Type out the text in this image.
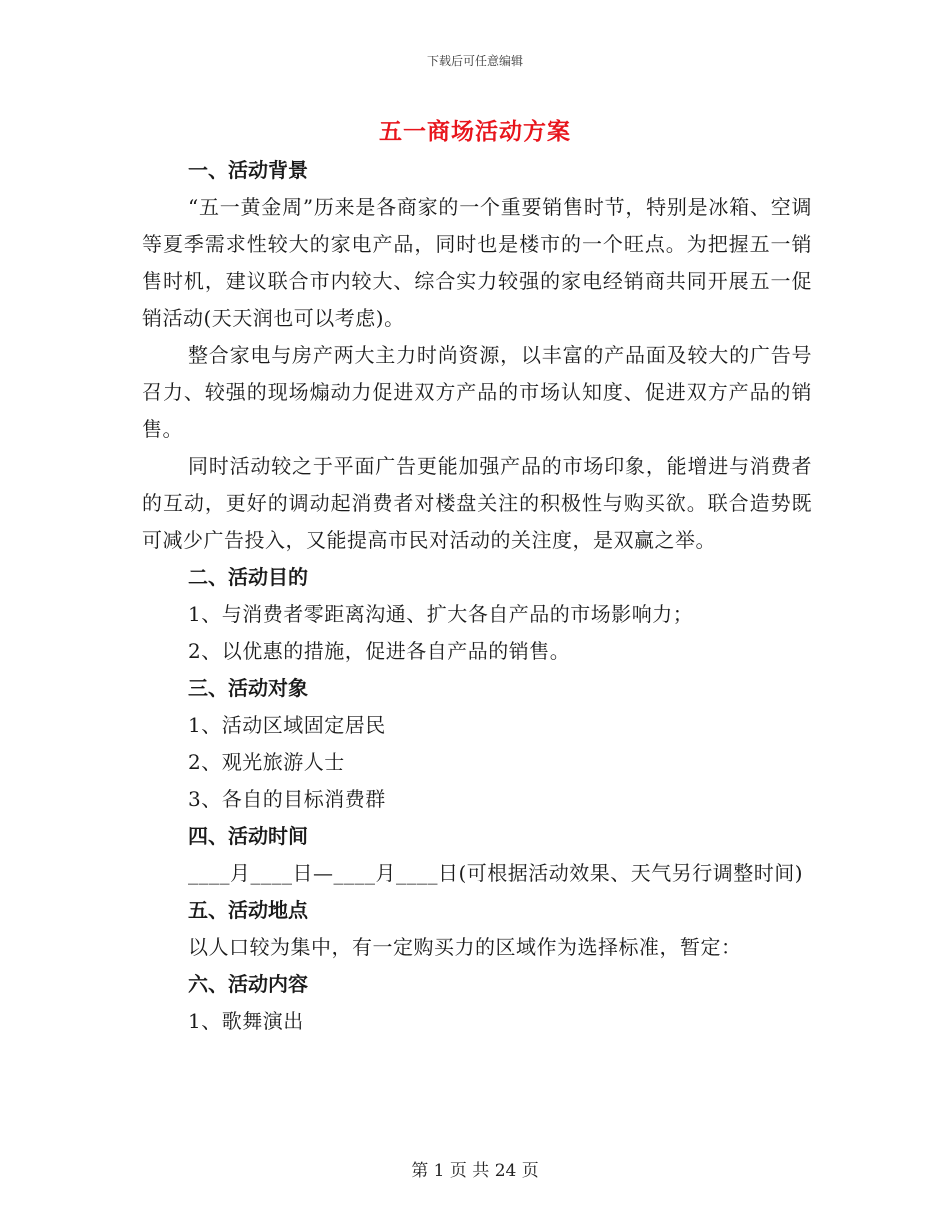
下载后可任意编辑
五一商场活动方案

一、活动背景

“五一黄金周”历来是各商家的一个重要销售时节，特别是冰箱、空调等夏季需求性较大的家电产品，同时也是楼市的一个旺点。为把握五一销售时机，建议联合市内较大、综合实力较强的家电经销商共同开展五一促销活动(天天润也可以考虑)。

整合家电与房产两大主力时尚资源，以丰富的产品面及较大的广告号召力、较强的现场煽动力促进双方产品的市场认知度、促进双方产品的销售。

同时活动较之于平面广告更能加强产品的市场印象，能增进与消费者的互动，更好的调动起消费者对楼盘关注的积极性与购买欲。联合造势既可减少广告投入，又能提高市民对活动的关注度，是双赢之举。

二、活动目的

1、与消费者零距离沟通、扩大各自产品的市场影响力；

2、以优惠的措施，促进各自产品的销售。

三、活动对象

1、活动区域固定居民

2、观光旅游人士

3、各自的目标消费群

四、活动时间

____月____日—____月____日(可根据活动效果、天气另行调整时间)

五、活动地点

以人口较为集中，有一定购买力的区域作为选择标准，暂定：

六、活动内容

1、歌舞演出

第 1 页 共 24 页
